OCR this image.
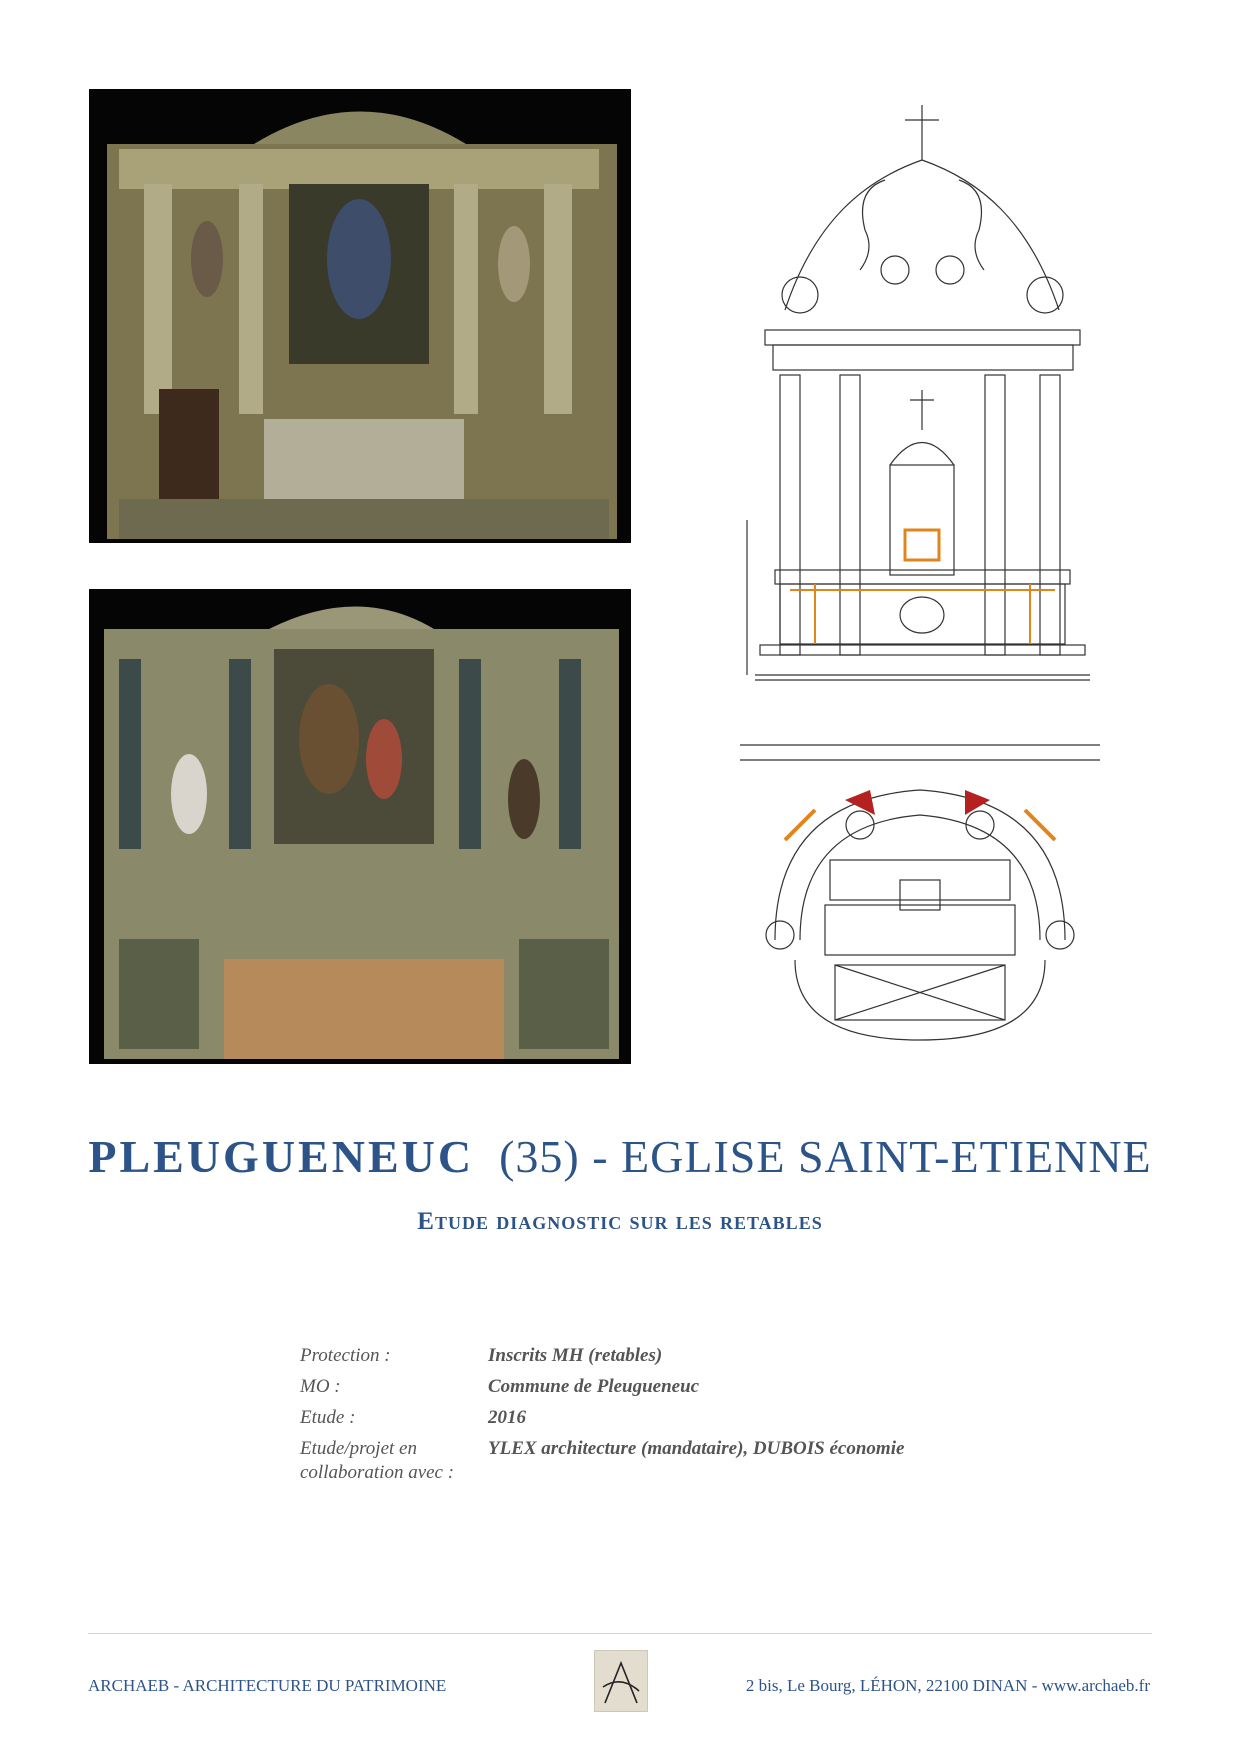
PLEUGUENEUC (35) - EGLISE SAINT-ETIENNE
Etude diagnostic sur les retables
Protection :	Inscrits MH (retables)
MO :	Commune de Pleugueneuc
Etude :	2016
Etude/projet en collaboration avec :
YLEX architecture (mandataire), DUBOIS économie
ARCHAEB - ARCHITECTURE DU PATRIMOINE	2 bis, Le Bourg, LÉHON, 22100 DINAN - www.archaeb.fr
